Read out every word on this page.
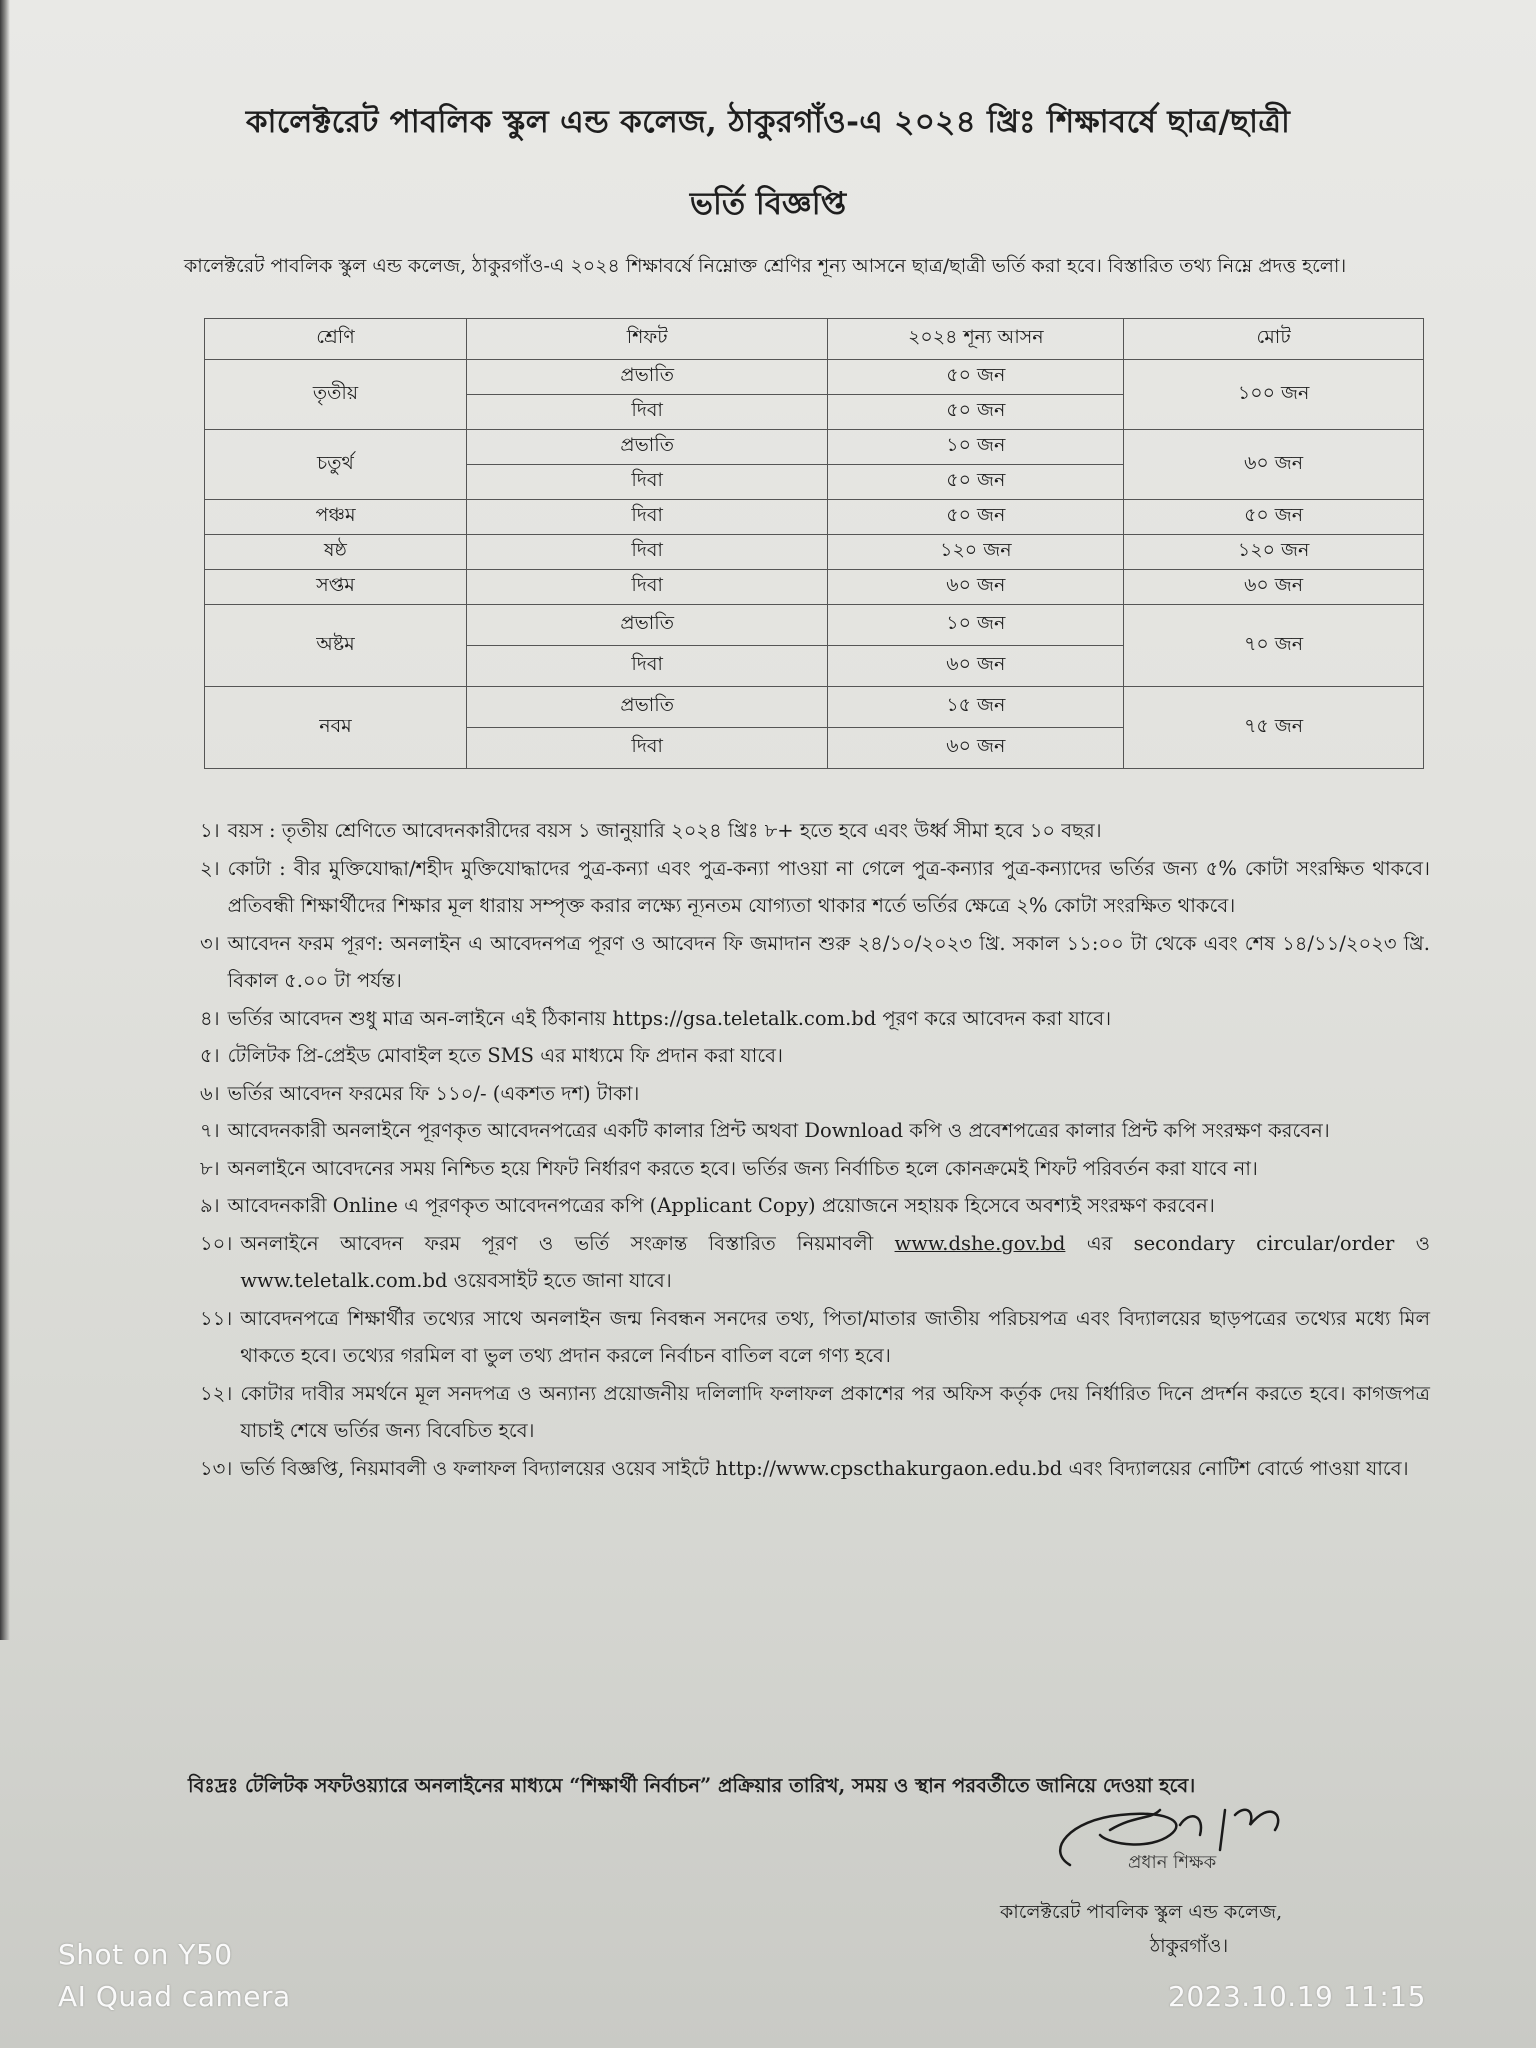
কালেক্টরেট পাবলিক স্কুল এন্ড কলেজ, ঠাকুরগাঁও-এ ২০২৪ খ্রিঃ শিক্ষাবর্ষে ছাত্র/ছাত্রী
ভর্তি বিজ্ঞপ্তি
কালেক্টরেট পাবলিক স্কুল এন্ড কলেজ, ঠাকুরগাঁও-এ ২০২৪ শিক্ষাবর্ষে নিম্নোক্ত শ্রেণির শূন্য আসনে ছাত্র/ছাত্রী ভর্তি করা হবে। বিস্তারিত তথ্য নিম্নে প্রদত্ত হলো।
শ্রেণি	শিফট	২০২৪ শূন্য আসন	মোট
তৃতীয়	প্রভাতি	৫০ জন	১০০ জন
	দিবা	৫০ জন	
চতুর্থ	প্রভাতি	১০ জন	৬০ জন
	দিবা	৫০ জন	
পঞ্চম	দিবা	৫০ জন	৫০ জন
ষষ্ঠ	দিবা	১২০ জন	১২০ জন
সপ্তম	দিবা	৬০ জন	৬০ জন
অষ্টম	প্রভাতি	১০ জন	৭০ জন
	দিবা	৬০ জন	
নবম	প্রভাতি	১৫ জন	৭৫ জন
	দিবা	৬০ জন	
১। বয়স : তৃতীয় শ্রেণিতে আবেদনকারীদের বয়স ১ জানুয়ারি ২০২৪ খ্রিঃ ৮+ হতে হবে এবং উর্ধ্ব সীমা হবে ১০ বছর।
২। কোটা : বীর মুক্তিযোদ্ধা/শহীদ মুক্তিযোদ্ধাদের পুত্র-কন্যা এবং পুত্র-কন্যা পাওয়া না গেলে পুত্র-কন্যার পুত্র-কন্যাদের ভর্তির জন্য ৫% কোটা সংরক্ষিত থাকবে। প্রতিবন্ধী শিক্ষার্থীদের শিক্ষার মূল ধারায় সম্পৃক্ত করার লক্ষ্যে ন্যূনতম যোগ্যতা থাকার শর্তে ভর্তির ক্ষেত্রে ২% কোটা সংরক্ষিত থাকবে।
৩। আবেদন ফরম পূরণ: অনলাইন এ আবেদনপত্র পূরণ ও আবেদন ফি জমাদান শুরু ২৪/১০/২০২৩ খ্রি. সকাল ১১:০০ টা থেকে এবং শেষ ১৪/১১/২০২৩ খ্রি. বিকাল ৫.০০ টা পর্যন্ত।
৪। ভর্তির আবেদন শুধু মাত্র অন-লাইনে এই ঠিকানায় https://gsa.teletalk.com.bd পূরণ করে আবেদন করা যাবে।
৫। টেলিটক প্রি-প্রেইড মোবাইল হতে SMS এর মাধ্যমে ফি প্রদান করা যাবে।
৬। ভর্তির আবেদন ফরমের ফি ১১০/- (একশত দশ) টাকা।
৭। আবেদনকারী অনলাইনে পূরণকৃত আবেদনপত্রের একটি কালার প্রিন্ট অথবা Download কপি ও প্রবেশপত্রের কালার প্রিন্ট কপি সংরক্ষণ করবেন।
৮। অনলাইনে আবেদনের সময় নিশ্চিত হয়ে শিফট নির্ধারণ করতে হবে। ভর্তির জন্য নির্বাচিত হলে কোনক্রমেই শিফট পরিবর্তন করা যাবে না।
৯। আবেদনকারী Online এ পূরণকৃত আবেদনপত্রের কপি (Applicant Copy) প্রয়োজনে সহায়ক হিসেবে অবশ্যই সংরক্ষণ করবেন।
১০। অনলাইনে আবেদন ফরম পূরণ ও ভর্তি সংক্রান্ত বিস্তারিত নিয়মাবলী www.dshe.gov.bd এর secondary circular/order ও www.teletalk.com.bd ওয়েবসাইট হতে জানা যাবে।
১১। আবেদনপত্রে শিক্ষার্থীর তথ্যের সাথে অনলাইন জন্ম নিবন্ধন সনদের তথ্য, পিতা/মাতার জাতীয় পরিচয়পত্র এবং বিদ্যালয়ের ছাড়পত্রের তথ্যের মধ্যে মিল থাকতে হবে। তথ্যের গরমিল বা ভুল তথ্য প্রদান করলে নির্বাচন বাতিল বলে গণ্য হবে।
১২। কোটার দাবীর সমর্থনে মূল সনদপত্র ও অন্যান্য প্রয়োজনীয় দলিলাদি ফলাফল প্রকাশের পর অফিস কর্তৃক দেয় নির্ধারিত দিনে প্রদর্শন করতে হবে। কাগজপত্র যাচাই শেষে ভর্তির জন্য বিবেচিত হবে।
১৩। ভর্তি বিজ্ঞপ্তি, নিয়মাবলী ও ফলাফল বিদ্যালয়ের ওয়েব সাইটে http://www.cpscthakurgaon.edu.bd এবং বিদ্যালয়ের নোটিশ বোর্ডে পাওয়া যাবে।
বিঃদ্রঃ টেলিটক সফটওয়্যারে অনলাইনের মাধ্যমে “শিক্ষার্থী নির্বাচন” প্রক্রিয়ার তারিখ, সময় ও স্থান পরবর্তীতে জানিয়ে দেওয়া হবে।
প্রধান শিক্ষক
কালেক্টরেট পাবলিক স্কুল এন্ড কলেজ,
ঠাকুরগাঁও।
Shot on Y50
AI Quad camera	2023.10.19 11:15
